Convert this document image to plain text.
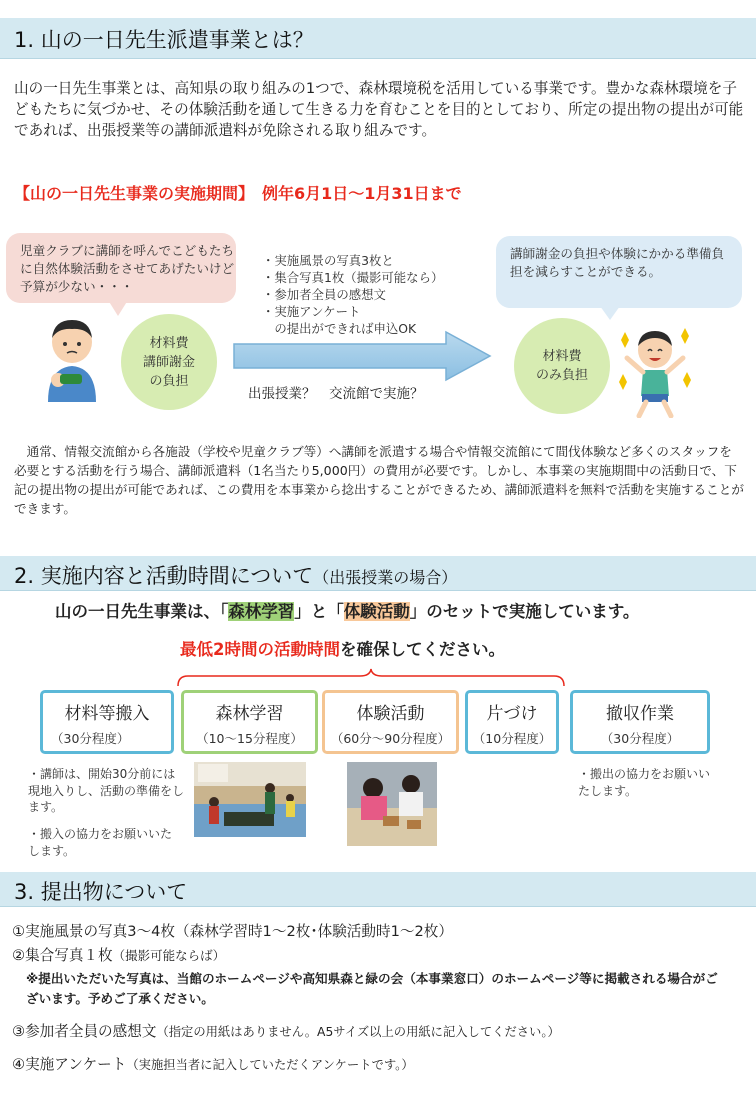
1. 山の一日先生派遣事業とは？
山の一日先生事業とは、高知県の取り組みの1つで、森林環境税を活用している事業です。豊かな森林環境を子どもたちに気づかせ、その体験活動を通して生きる力を育むことを目的としており、所定の提出物の提出が可能であれば、出張授業等の講師派遣料が免除される取り組みです。
【山の一日先生事業の実施期間】　例年6月1日～1月31日まで
児童クラブに講師を呼んでこどもたちに自然体験活動をさせてあげたいけど予算が少ない・・・
材料費
講師謝金
の負担
・実施風景の写真3枚と
・集合写真1枚（撮影可能なら）
・参加者全員の感想文
・実施アンケート
　の提出ができれば申込OK
出張授業？　交流館で実施？
講師謝金の負担や体験にかかる準備負担を減らすことができる。
材料費
のみ負担
　通常、情報交流館から各施設（学校や児童クラブ等）へ講師を派遣する場合や情報交流館にて間伐体験など多くのスタッフを必要とする活動を行う場合、講師派遣料（1名当たり5,000円）の費用が必要です。しかし、本事業の実施期間中の活動日で、下記の提出物の提出が可能であれば、この費用を本事業から捻出することができるため、講師派遣料を無料で活動を実施することができます。
2. 実施内容と活動時間について（出張授業の場合）
山の一日先生事業は、「森林学習」と「体験活動」のセットで実施しています。
最低2時間の活動時間を確保してください。
材料等搬入
（30分程度）
森林学習
（10～15分程度）
体験活動
（60分～90分程度）
片づけ
（10分程度）
撤収作業
（30分程度）
・講師は、開始30分前には現地入りし、活動の準備をします。
・搬入の協力をお願いいたします。
・搬出の協力をお願いいたします。
3. 提出物について
①実施風景の写真3～4枚（森林学習時1～2枚･体験活動時1～2枚）
②集合写真１枚（撮影可能ならば）
※提出いただいた写真は、当館のホームページや高知県森と緑の会（本事業窓口）のホームページ等に掲載される場合がございます。予めご了承ください。
③参加者全員の感想文（指定の用紙はありません。A5サイズ以上の用紙に記入してください。）
④実施アンケート（実施担当者に記入していただくアンケートです。）
